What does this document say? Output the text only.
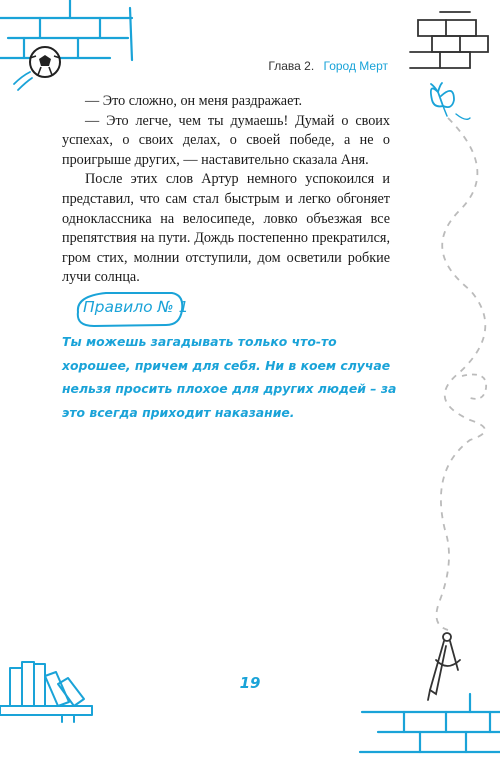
Глава 2. Город Мерт

— Это сложно, он меня раздражает.

— Это легче, чем ты думаешь! Думай о своих успехах, о своих делах, о своей победе, а не о проигрыше других, — наставительно сказала Аня.

После этих слов Артур немного успокоился и представил, что сам стал быстрым и легко обгоняет одноклассника на велосипеде, ловко объезжая все препятствия на пути. Дождь постепенно прекратился, гром стих, молнии отступили, дом осветили робкие лучи солнца.

Правило № 1
Ты можешь загадывать только что-то хорошее, причем для себя. Ни в коем случае нельзя просить плохое для других людей – за это всегда приходит наказание.
19
